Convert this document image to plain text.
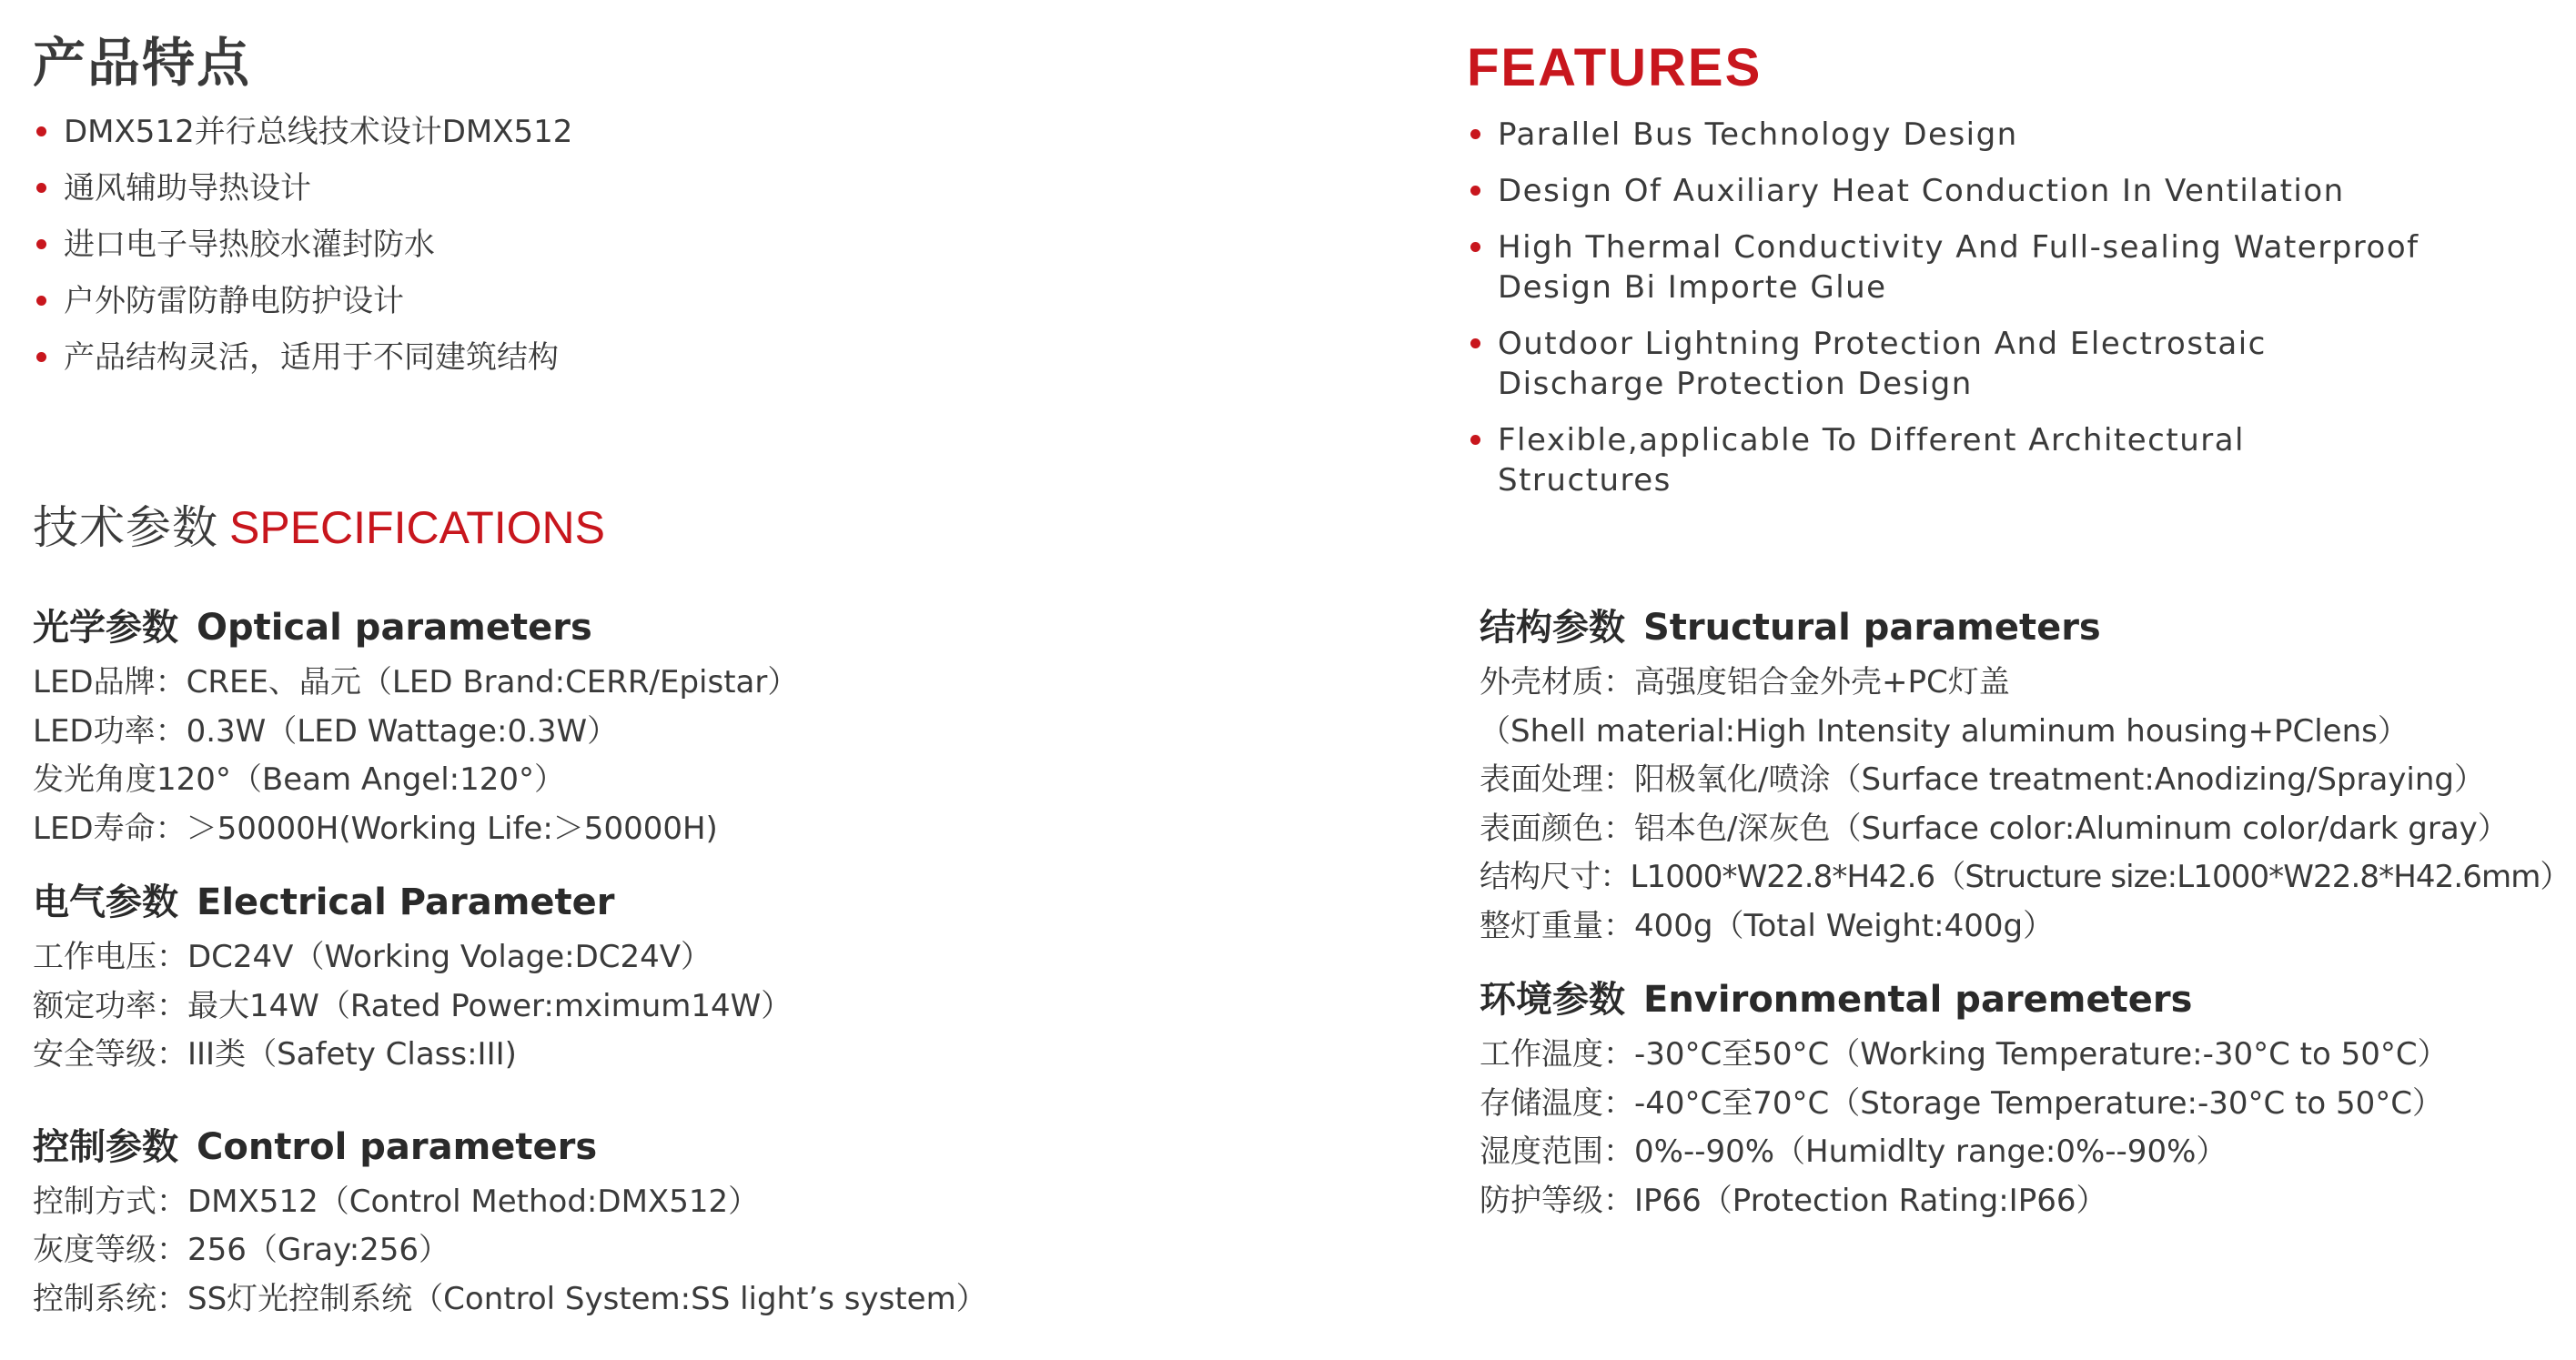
产品特点
DMX512并行总线技术设计DMX512
通风辅助导热设计
进口电子导热胶水灌封防水
户外防雷防静电防护设计
产品结构灵活，适用于不同建筑结构
FEATURES
Parallel Bus Technology Design
Design Of Auxiliary Heat Conduction In Ventilation
High Thermal Conductivity And Full-sealing Waterproof Design Bi Importe Glue
Outdoor Lightning Protection And Electrostaic Discharge Protection Design
Flexible,applicable To Different Architectural Structures
技术参数 SPECIFICATIONS
光学参数 Optical parameters
LED品牌：CREE、晶元（LED Brand:CERR/Epistar）
LED功率：0.3W（LED Wattage:0.3W）
发光角度120°（Beam Angel:120°）
LED寿命：＞50000H(Working Life:＞50000H)
电气参数 Electrical Parameter
工作电压：DC24V（Working Volage:DC24V）
额定功率：最大14W（Rated Power:mximum14W）
安全等级：III类（Safety Class:III)
控制参数 Control parameters
控制方式：DMX512（Control Method:DMX512）
灰度等级：256（Gray:256）
控制系统：SS灯光控制系统（Control System:SS light’s system）
结构参数 Structural parameters
外壳材质：高强度铝合金外壳+PC灯盖
（Shell material:High Intensity aluminum housing+PClens）
表面处理：阳极氧化/喷涂（Surface treatment:Anodizing/Spraying）
表面颜色：铝本色/深灰色（Surface color:Aluminum color/dark gray）
结构尺寸：L1000*W22.8*H42.6（Structure size:L1000*W22.8*H42.6mm）
整灯重量：400g（Total Weight:400g）
环境参数 Environmental paremeters
工作温度：-30°C至50°C（Working Temperature:-30°C to 50°C）
存储温度：-40°C至70°C（Storage Temperature:-30°C to 50°C）
湿度范围：0%--90%（Humidlty range:0%--90%）
防护等级：IP66（Protection Rating:IP66）
